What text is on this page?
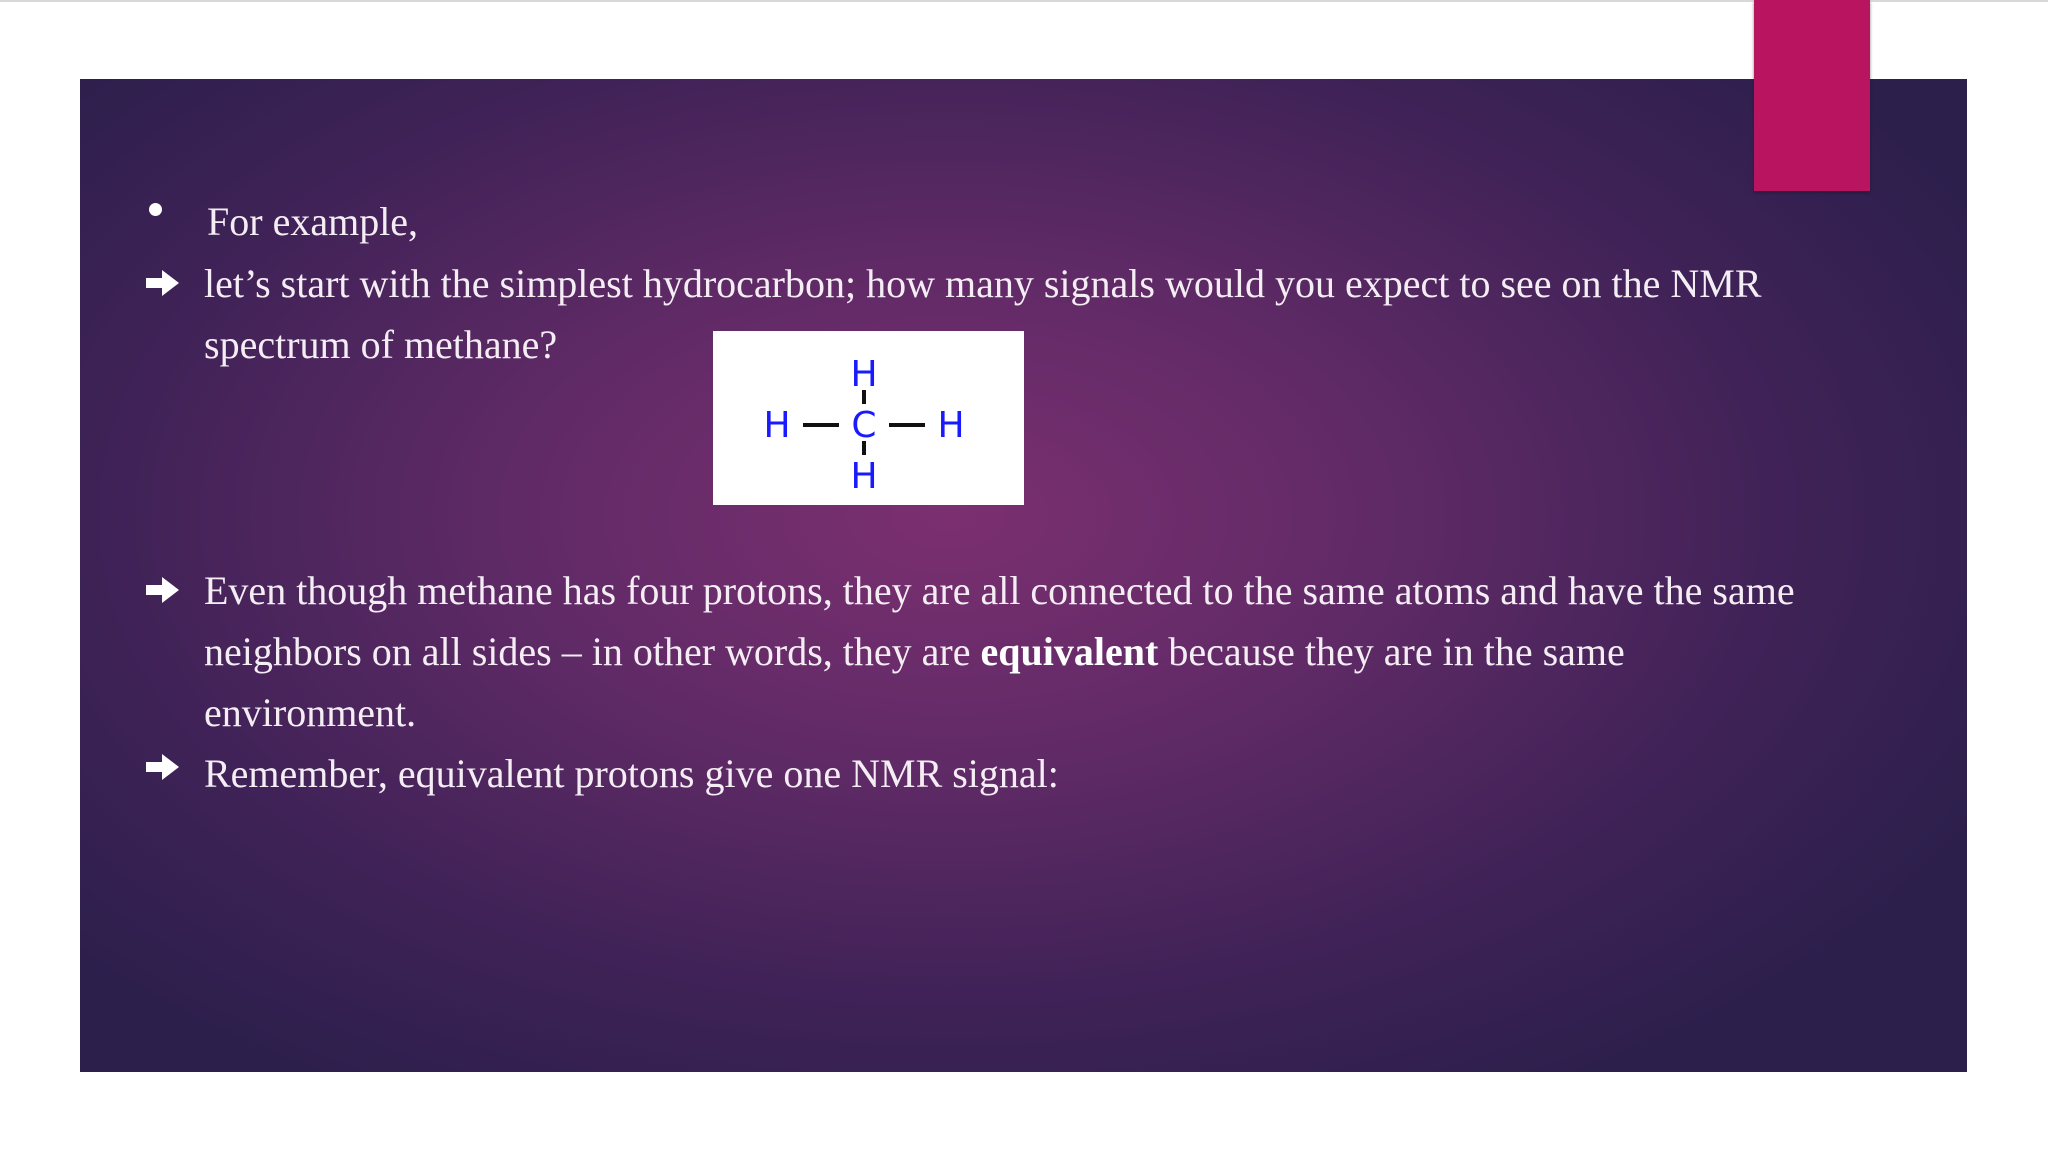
For example,
let’s start with the simplest hydrocarbon; how many signals would you expect to see on the NMR
spectrum of methane?
H
H C H
H
Even though methane has four protons, they are all connected to the same atoms and have the same
neighbors on all sides – in other words, they are equivalent because they are in the same
environment.
Remember, equivalent protons give one NMR signal:
